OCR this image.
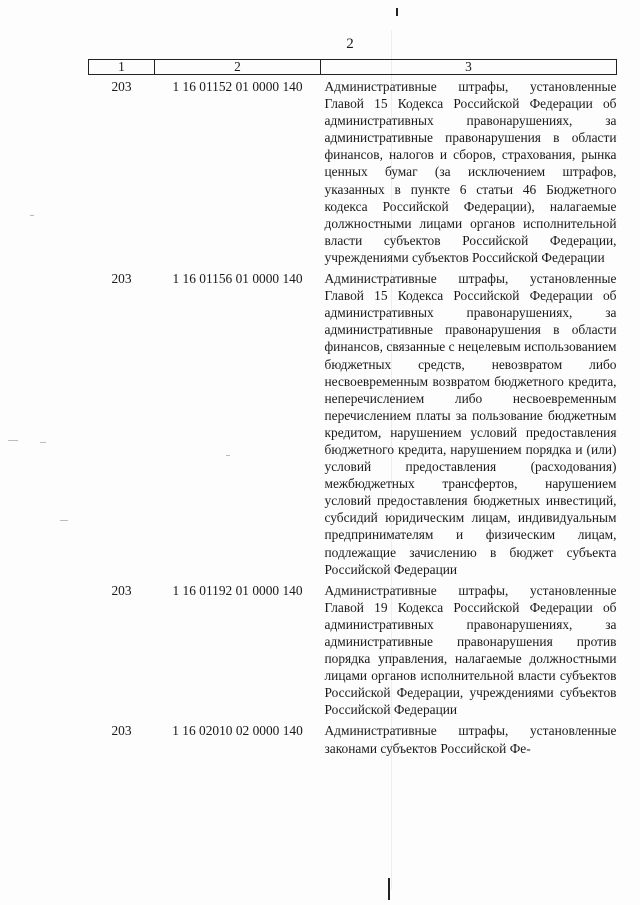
2
1	2	3
203	1 16 01152 01 0000 140	Административные штрафы, установленные Главой 15 Кодекса Российской Федерации об административных правонарушениях, за административные правонарушения в области финансов, налогов и сборов, страхования, рынка ценных бумаг (за исключением штрафов, указанных в пункте 6 статьи 46 Бюджетного кодекса Российской Федерации), налагаемые должностными лицами органов исполнительной власти субъектов Российской Федерации, учреждениями субъектов Российской Федерации
203	1 16 01156 01 0000 140	Административные штрафы, установленные Главой 15 Кодекса Российской Федерации об административных правонарушениях, за административные правонарушения в области финансов, связанные с нецелевым использованием бюджетных средств, невозвратом либо несвоевременным возвратом бюджетного кредита, неперечислением либо несвоевременным перечислением платы за пользование бюджетным кредитом, нарушением условий предоставления бюджетного кредита, нарушением порядка и (или) условий предоставления (расходования) межбюджетных трансфертов, нарушением условий предоставления бюджетных инвестиций, субсидий юридическим лицам, индивидуальным предпринимателям и физическим лицам, подлежащие зачислению в бюджет субъекта Российской Федерации
203	1 16 01192 01 0000 140	Административные штрафы, установленные Главой 19 Кодекса Российской Федерации об административных правонарушениях, за административные правонарушения против порядка управления, налагаемые должностными лицами органов исполнительной власти субъектов Российской Федерации, учреждениями субъектов Российской Федерации
203	1 16 02010 02 0000 140	Административные штрафы, установленные законами субъектов Российской Фе-
